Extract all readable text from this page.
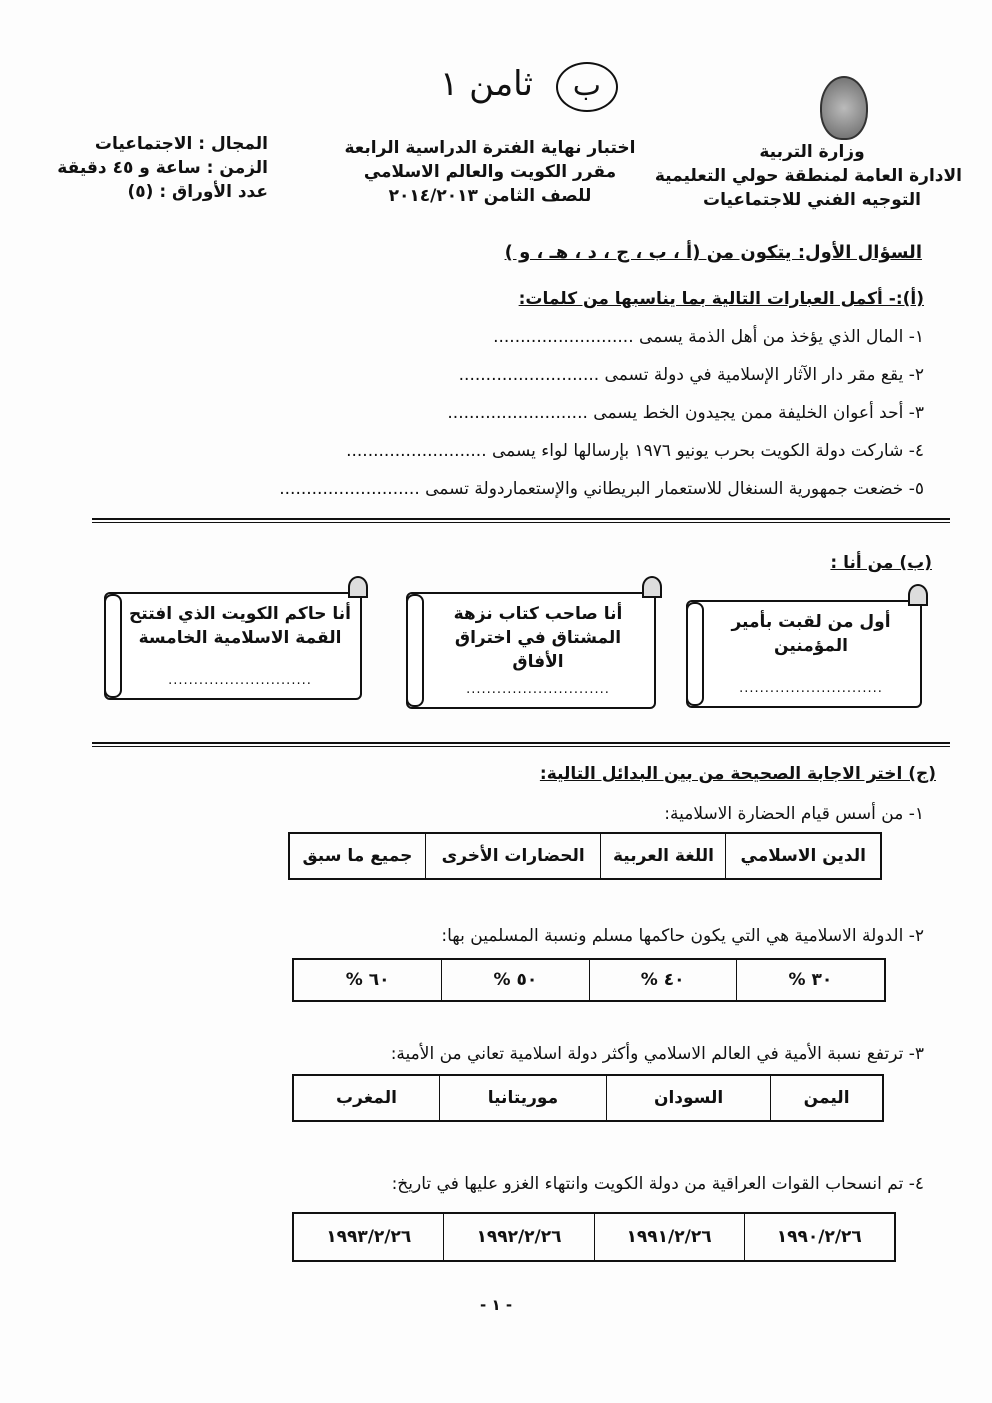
ب ثامن ١
وزارة التربية
الادارة العامة لمنطقة حولي التعليمية
التوجيه الفني للاجتماعيات
اختبار نهاية الفترة الدراسية الرابعة
مقرر الكويت والعالم الاسلامي
للصف الثامن ٢٠١٤/٢٠١٣
المجال : الاجتماعيات
الزمن : ساعة و ٤٥ دقيقة
عدد الأوراق : (٥)
السؤال الأول: يتكون من (أ ، ب ، ج ، د ، هـ ، و )
(أ):- أكمل العبارات التالية بما يناسبها من كلمات:
١- المال الذي يؤخذ من أهل الذمة يسمى ..........................
٢- يقع مقر دار الآثار الإسلامية في دولة تسمى ..........................
٣- أحد أعوان الخليفة ممن يجيدون الخط يسمى ..........................
٤- شاركت دولة الكويت بحرب يونيو ١٩٧٦ بإرسالها لواء يسمى ..........................
٥- خضعت جمهورية السنغال للاستعمار البريطاني والإستعماردولة تسمى ..........................
(ب) من أنا :
أول من لقبت بأمير المؤمنين
............................
أنا صاحب كتاب نزهة المشتاق في اختراق الأفاق
............................
أنا حاكم الكويت الذي افتتح القمة الاسلامية الخامسة
............................
(ج) اختر الاجابة الصحيحة من بين البدائل التالية:
١- من أسس قيام الحضارة الاسلامية:
الدين الاسلامي	اللغة العربية	الحضارات الأخرى	جميع ما سبق
٢- الدولة الاسلامية هي التي يكون حاكمها مسلم ونسبة المسلمين بها:
٣٠ %	٤٠ %	٥٠ %	٦٠ %
٣- ترتفع نسبة الأمية في العالم الاسلامي وأكثر دولة اسلامية تعاني من الأمية:
اليمن	السودان	موريتانيا	المغرب
٤- تم انسحاب القوات العراقية من دولة الكويت وانتهاء الغزو عليها في تاريخ:
١٩٩٠/٢/٢٦	١٩٩١/٢/٢٦	١٩٩٢/٢/٢٦	١٩٩٣/٢/٢٦
- ١ -
